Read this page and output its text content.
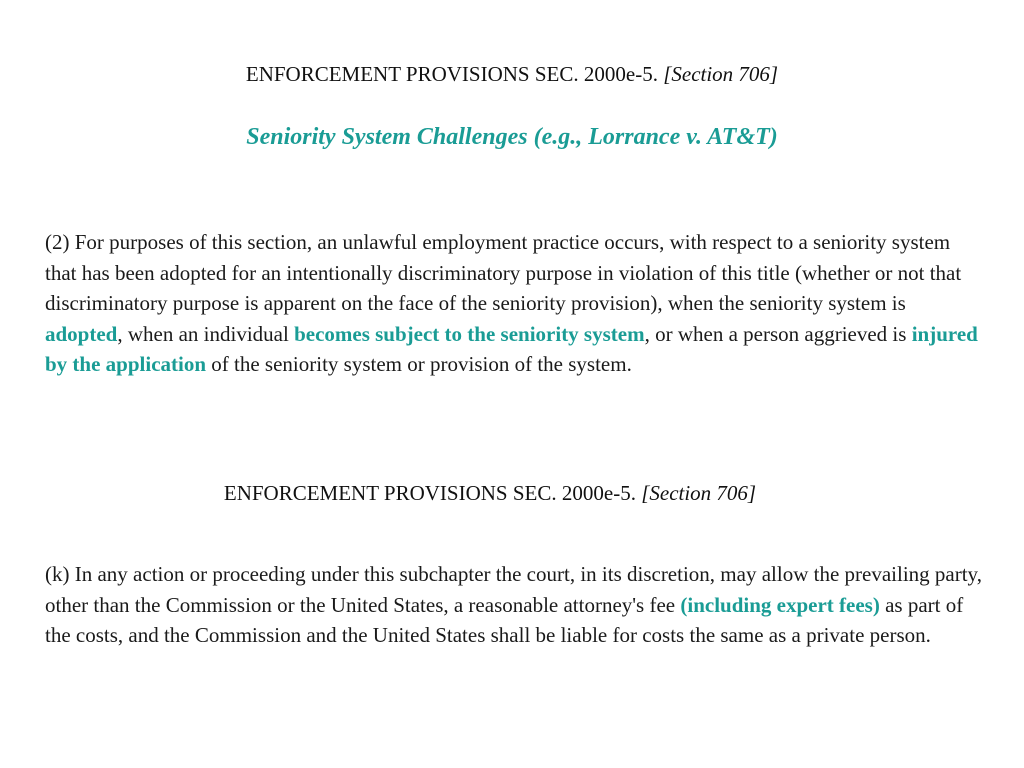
ENFORCEMENT PROVISIONS SEC. 2000e-5. [Section 706]
Seniority System Challenges (e.g., Lorrance v. AT&T)
(2) For purposes of this section, an unlawful employment practice occurs, with respect to a seniority system that has been adopted for an intentionally discriminatory purpose in violation of this title (whether or not that discriminatory purpose is apparent on the face of the seniority provision), when the seniority system is adopted, when an individual becomes subject to the seniority system, or when a person aggrieved is injured by the application of the seniority system or provision of the system.
ENFORCEMENT PROVISIONS SEC. 2000e-5. [Section 706]
(k) In any action or proceeding under this subchapter the court, in its discretion, may allow the prevailing party, other than the Commission or the United States, a reasonable attorney's fee (including expert fees) as part of the costs, and the Commission and the United States shall be liable for costs the same as a private person.
